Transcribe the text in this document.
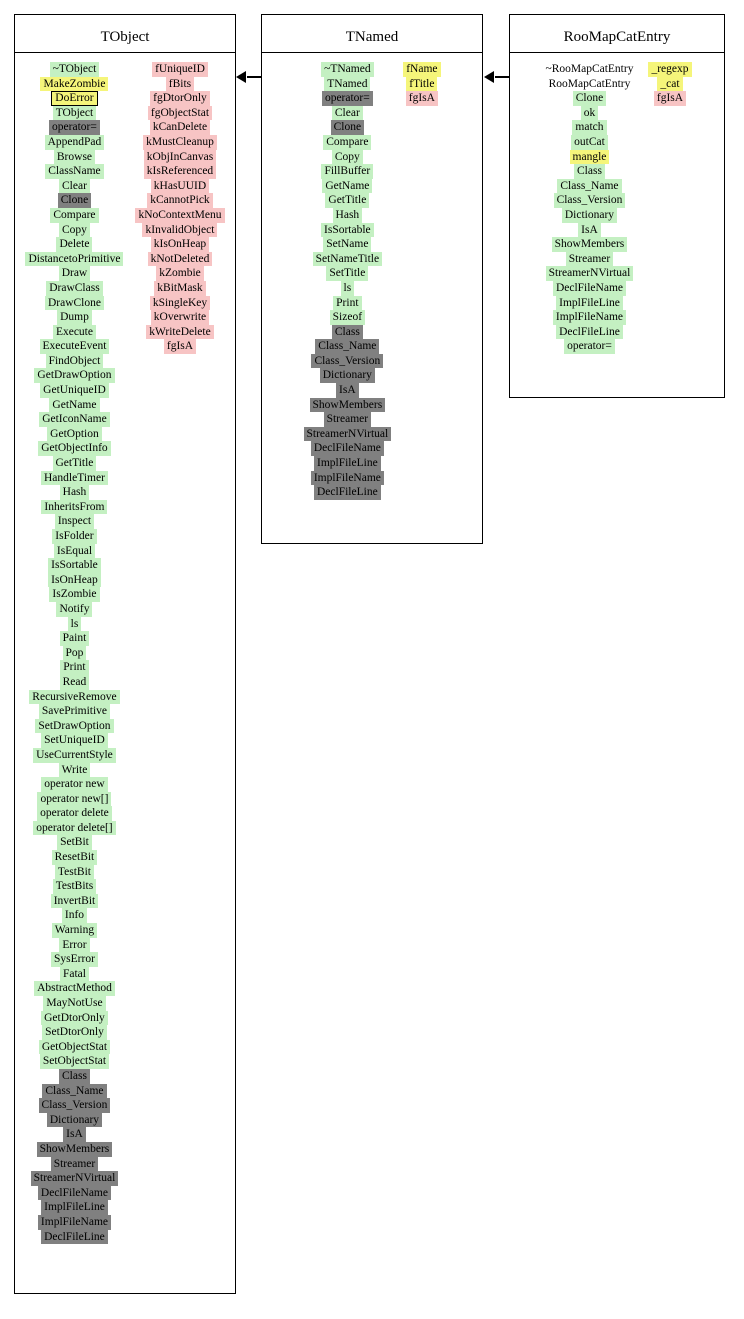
TObject
~TObject
MakeZombie
DoError
TObject
operator=
AppendPad
Browse
ClassName
Clear
Clone
Compare
Copy
Delete
DistancetoPrimitive
Draw
DrawClass
DrawClone
Dump
Execute
ExecuteEvent
FindObject
GetDrawOption
GetUniqueID
GetName
GetIconName
GetOption
GetObjectInfo
GetTitle
HandleTimer
Hash
InheritsFrom
Inspect
IsFolder
IsEqual
IsSortable
IsOnHeap
IsZombie
Notify
ls
Paint
Pop
Print
Read
RecursiveRemove
SavePrimitive
SetDrawOption
SetUniqueID
UseCurrentStyle
Write
operator new
operator new[]
operator delete
operator delete[]
SetBit
ResetBit
TestBit
TestBits
InvertBit
Info
Warning
Error
SysError
Fatal
AbstractMethod
MayNotUse
GetDtorOnly
SetDtorOnly
GetObjectStat
SetObjectStat
Class
Class_Name
Class_Version
Dictionary
IsA
ShowMembers
Streamer
StreamerNVirtual
DeclFileName
ImplFileLine
ImplFileName
DeclFileLine
fUniqueID
fBits
fgDtorOnly
fgObjectStat
kCanDelete
kMustCleanup
kObjInCanvas
kIsReferenced
kHasUUID
kCannotPick
kNoContextMenu
kInvalidObject
kIsOnHeap
kNotDeleted
kZombie
kBitMask
kSingleKey
kOverwrite
kWriteDelete
fgIsA
TNamed
~TNamed
TNamed
operator=
Clear
Clone
Compare
Copy
FillBuffer
GetName
GetTitle
Hash
IsSortable
SetName
SetNameTitle
SetTitle
ls
Print
Sizeof
Class
Class_Name
Class_Version
Dictionary
IsA
ShowMembers
Streamer
StreamerNVirtual
DeclFileName
ImplFileLine
ImplFileName
DeclFileLine
fName
fTitle
fgIsA
RooMapCatEntry
~RooMapCatEntry
RooMapCatEntry
Clone
ok
match
outCat
mangle
Class
Class_Name
Class_Version
Dictionary
IsA
ShowMembers
Streamer
StreamerNVirtual
DeclFileName
ImplFileLine
ImplFileName
DeclFileLine
operator=
_regexp
_cat
fgIsA
